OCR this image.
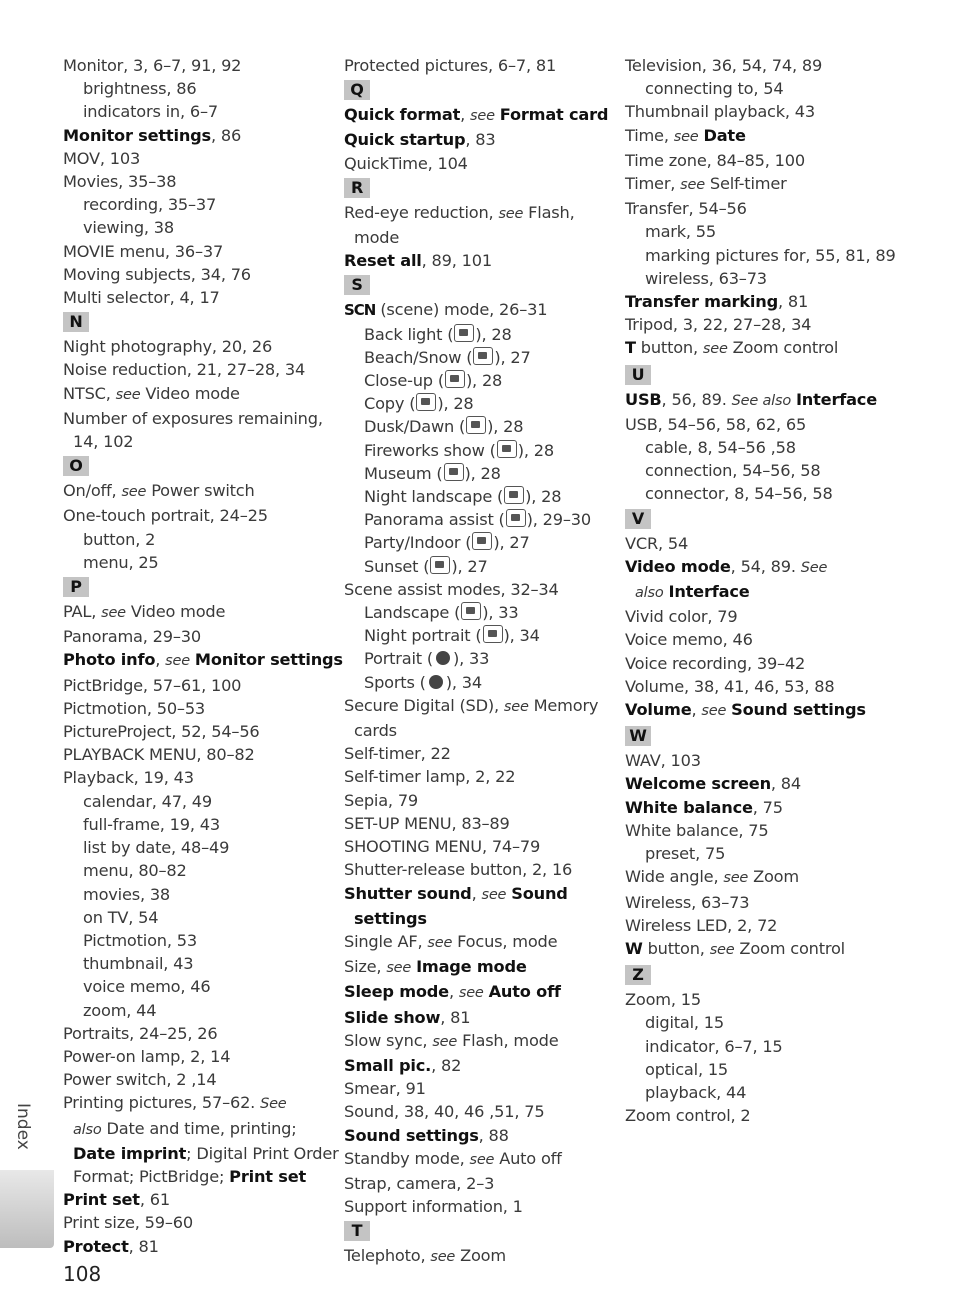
Monitor, 3, 6–7, 91, 92
brightness, 86
indicators in, 6–7
Monitor settings, 86
MOV, 103
Movies, 35–38
recording, 35–37
viewing, 38
MOVIE menu, 36–37
Moving subjects, 34, 76
Multi selector, 4, 17
N
Night photography, 20, 26
Noise reduction, 21, 27–28, 34
NTSC, see Video mode
Number of exposures remaining,
14, 102
O
On/off, see Power switch
One-touch portrait, 24–25
button, 2
menu, 25
P
PAL, see Video mode
Panorama, 29–30
Photo info, see Monitor settings
PictBridge, 57–61, 100
Pictmotion, 50–53
PictureProject, 52, 54–56
PLAYBACK MENU, 80–82
Playback, 19, 43
calendar, 47, 49
full-frame, 19, 43
list by date, 48–49
menu, 80–82
movies, 38
on TV, 54
Pictmotion, 53
thumbnail, 43
voice memo, 46
zoom, 44
Portraits, 24–25, 26
Power-on lamp, 2, 14
Power switch, 2 ,14
Printing pictures, 57–62. See
also Date and time, printing;
Date imprint; Digital Print Order
Format; PictBridge; Print set
Print set, 61
Print size, 59–60
Protect, 81
Protected pictures, 6–7, 81
Q
Quick format, see Format card
Quick startup, 83
QuickTime, 104
R
Red-eye reduction, see Flash,
mode
Reset all, 89, 101
S
SCN (scene) mode, 26–31
Back light ( ), 28
Beach/Snow ( ), 27
Close-up ( ), 28
Copy ( ), 28
Dusk/Dawn ( ), 28
Fireworks show ( ), 28
Museum ( ), 28
Night landscape ( ), 28
Panorama assist ( ), 29–30
Party/Indoor ( ), 27
Sunset ( ), 27
Scene assist modes, 32–34
Landscape ( ), 33
Night portrait ( ), 34
Portrait ( ), 33
Sports ( ), 34
Secure Digital (SD), see Memory
cards
Self-timer, 22
Self-timer lamp, 2, 22
Sepia, 79
SET-UP MENU, 83–89
SHOOTING MENU, 74–79
Shutter-release button, 2, 16
Shutter sound, see Sound
settings
Single AF, see Focus, mode
Size, see Image mode
Sleep mode, see Auto off
Slide show, 81
Slow sync, see Flash, mode
Small pic., 82
Smear, 91
Sound, 38, 40, 46 ,51, 75
Sound settings, 88
Standby mode, see Auto off
Strap, camera, 2–3
Support information, 1
T
Telephoto, see Zoom
Television, 36, 54, 74, 89
connecting to, 54
Thumbnail playback, 43
Time, see Date
Time zone, 84–85, 100
Timer, see Self-timer
Transfer, 54–56
mark, 55
marking pictures for, 55, 81, 89
wireless, 63–73
Transfer marking, 81
Tripod, 3, 22, 27–28, 34
T button, see Zoom control
U
USB, 56, 89. See also Interface
USB, 54–56, 58, 62, 65
cable, 8, 54–56 ,58
connection, 54–56, 58
connector, 8, 54–56, 58
V
VCR, 54
Video mode, 54, 89. See
also Interface
Vivid color, 79
Voice memo, 46
Voice recording, 39–42
Volume, 38, 41, 46, 53, 88
Volume, see Sound settings
W
WAV, 103
Welcome screen, 84
White balance, 75
White balance, 75
preset, 75
Wide angle, see Zoom
Wireless, 63–73
Wireless LED, 2, 72
W button, see Zoom control
Z
Zoom, 15
digital, 15
indicator, 6–7, 15
optical, 15
playback, 44
Zoom control, 2
Index
108
